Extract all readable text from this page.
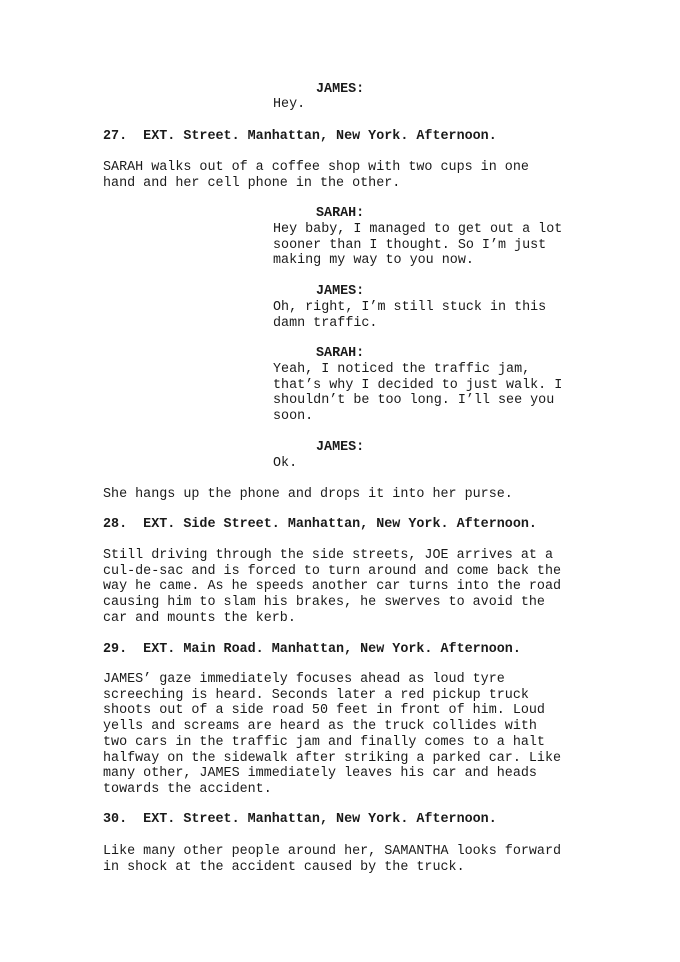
JAMES:

Hey.

27.  EXT. Street. Manhattan, New York. Afternoon.

SARAH walks out of a coffee shop with two cups in one
hand and her cell phone in the other.

SARAH:

Hey baby, I managed to get out a lot
sooner than I thought. So I’m just
making my way to you now.

JAMES:

Oh, right, I’m still stuck in this
damn traffic.

SARAH:

Yeah, I noticed the traffic jam,
that’s why I decided to just walk. I
shouldn’t be too long. I’ll see you
soon.

JAMES:

Ok.

She hangs up the phone and drops it into her purse.

28.  EXT. Side Street. Manhattan, New York. Afternoon.

Still driving through the side streets, JOE arrives at a
cul-de-sac and is forced to turn around and come back the
way he came. As he speeds another car turns into the road
causing him to slam his brakes, he swerves to avoid the
car and mounts the kerb.

29.  EXT. Main Road. Manhattan, New York. Afternoon.

JAMES’ gaze immediately focuses ahead as loud tyre
screeching is heard. Seconds later a red pickup truck
shoots out of a side road 50 feet in front of him. Loud
yells and screams are heard as the truck collides with
two cars in the traffic jam and finally comes to a halt
halfway on the sidewalk after striking a parked car. Like
many other, JAMES immediately leaves his car and heads
towards the accident.

30.  EXT. Street. Manhattan, New York. Afternoon.

Like many other people around her, SAMANTHA looks forward
in shock at the accident caused by the truck.
